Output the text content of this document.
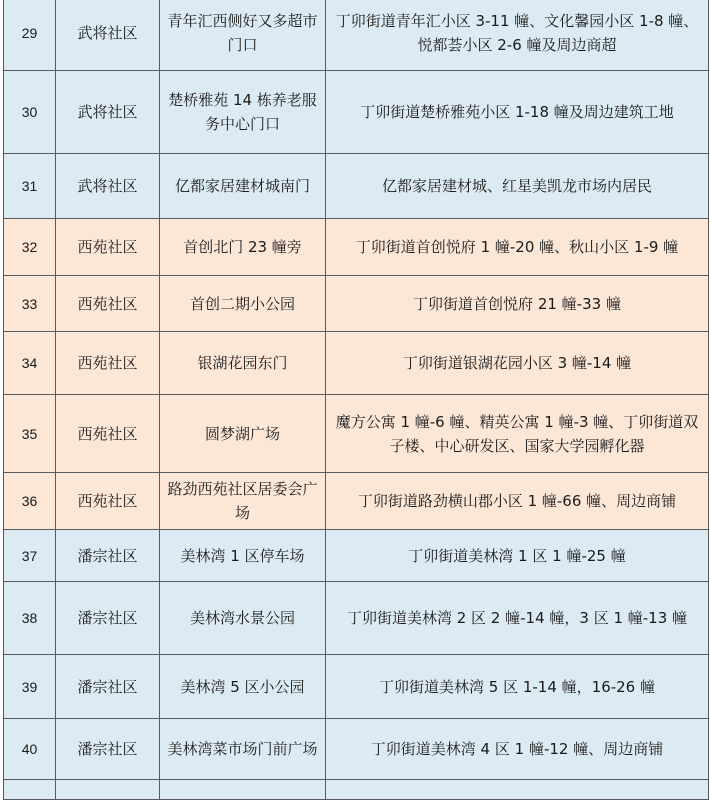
29	武将社区	青年汇西侧好又多超市门口	丁卯街道青年汇小区 3-11 幢、文化馨园小区 1-8 幢、悦都荟小区 2-6 幢及周边商超
30	武将社区	楚桥雅苑 14 栋养老服务中心门口	丁卯街道楚桥雅苑小区 1-18 幢及周边建筑工地
31	武将社区	亿都家居建材城南门	亿都家居建材城、红星美凯龙市场内居民
32	西苑社区	首创北门 23 幢旁	丁卯街道首创悦府 1 幢-20 幢、秋山小区 1-9 幢
33	西苑社区	首创二期小公园	丁卯街道首创悦府 21 幢-33 幢
34	西苑社区	银湖花园东门	丁卯街道银湖花园小区 3 幢-14 幢
35	西苑社区	圆梦湖广场	魔方公寓 1 幢-6 幢、精英公寓 1 幢-3 幢、丁卯街道双子楼、中心研发区、国家大学园孵化器
36	西苑社区	路劲西苑社区居委会广场	丁卯街道路劲横山郡小区 1 幢-66 幢、周边商铺
37	潘宗社区	美林湾 1 区停车场	丁卯街道美林湾 1 区 1 幢-25 幢
38	潘宗社区	美林湾水景公园	丁卯街道美林湾 2 区 2 幢-14 幢，3 区 1 幢-13 幢
39	潘宗社区	美林湾 5 区小公园	丁卯街道美林湾 5 区 1-14 幢，16-26 幢
40	潘宗社区	美林湾菜市场门前广场	丁卯街道美林湾 4 区 1 幢-12 幢、周边商铺
